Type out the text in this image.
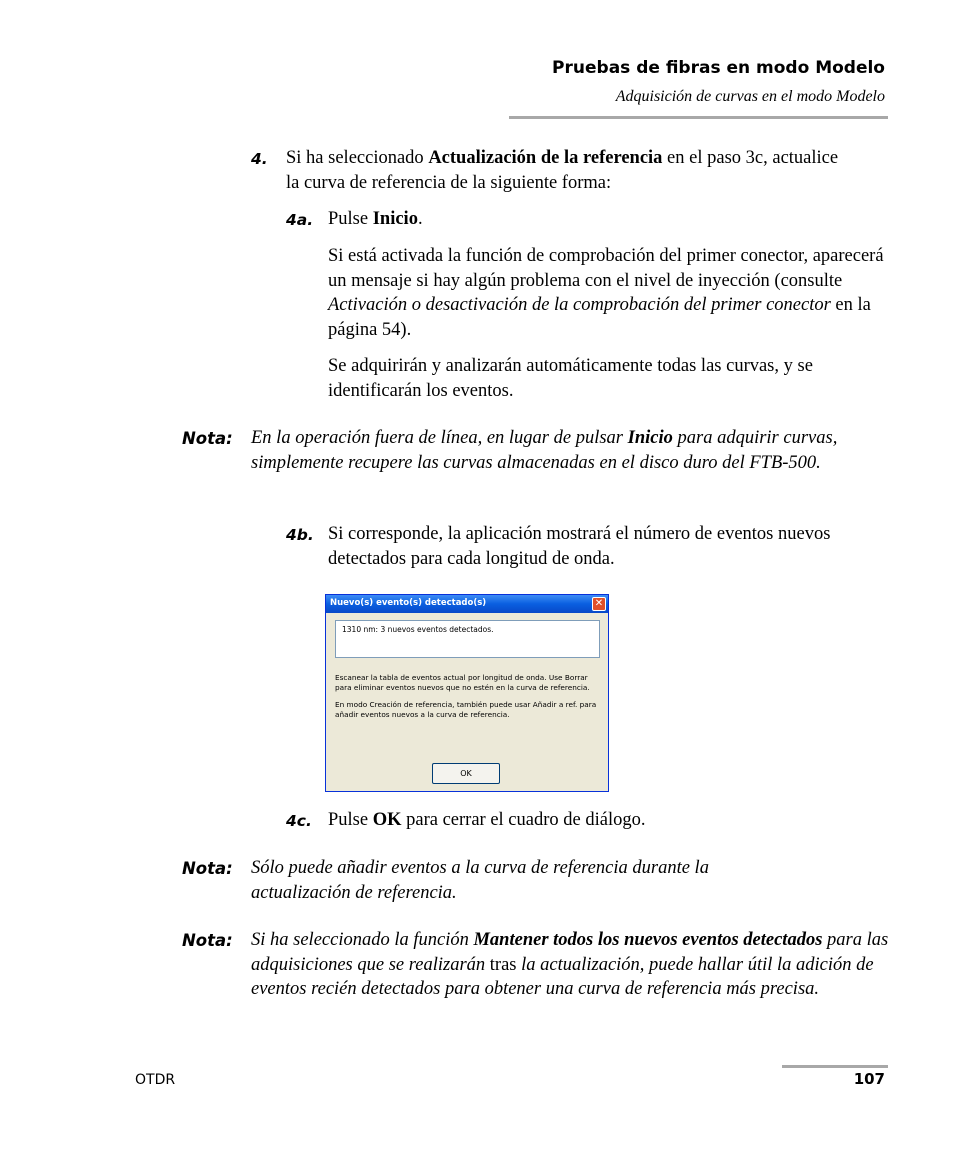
Pruebas de fibras en modo Modelo
Adquisición de curvas en el modo Modelo
4. Si ha seleccionado Actualización de la referencia en el paso 3c, actualice la curva de referencia de la siguiente forma:
4a. Pulse Inicio.
Si está activada la función de comprobación del primer conector, aparecerá un mensaje si hay algún problema con el nivel de inyección (consulte Activación o desactivación de la comprobación del primer conector en la página 54).
Se adquirirán y analizarán automáticamente todas las curvas, y se identificarán los eventos.
Nota: En la operación fuera de línea, en lugar de pulsar Inicio para adquirir curvas, simplemente recupere las curvas almacenadas en el disco duro del FTB-500.
4b. Si corresponde, la aplicación mostrará el número de eventos nuevos detectados para cada longitud de onda.
Nuevo(s) evento(s) detectado(s)	✕
1310 nm: 3 nuevos eventos detectados.
Escanear la tabla de eventos actual por longitud de onda. Use Borrar para eliminar eventos nuevos que no estén en la curva de referencia.
En modo Creación de referencia, también puede usar Añadir a ref. para añadir eventos nuevos a la curva de referencia.
OK
4c. Pulse OK para cerrar el cuadro de diálogo.
Nota: Sólo puede añadir eventos a la curva de referencia durante la actualización de referencia.
Nota: Si ha seleccionado la función Mantener todos los nuevos eventos detectados para las adquisiciones que se realizarán tras la actualización, puede hallar útil la adición de eventos recién detectados para obtener una curva de referencia más precisa.
OTDR	107
